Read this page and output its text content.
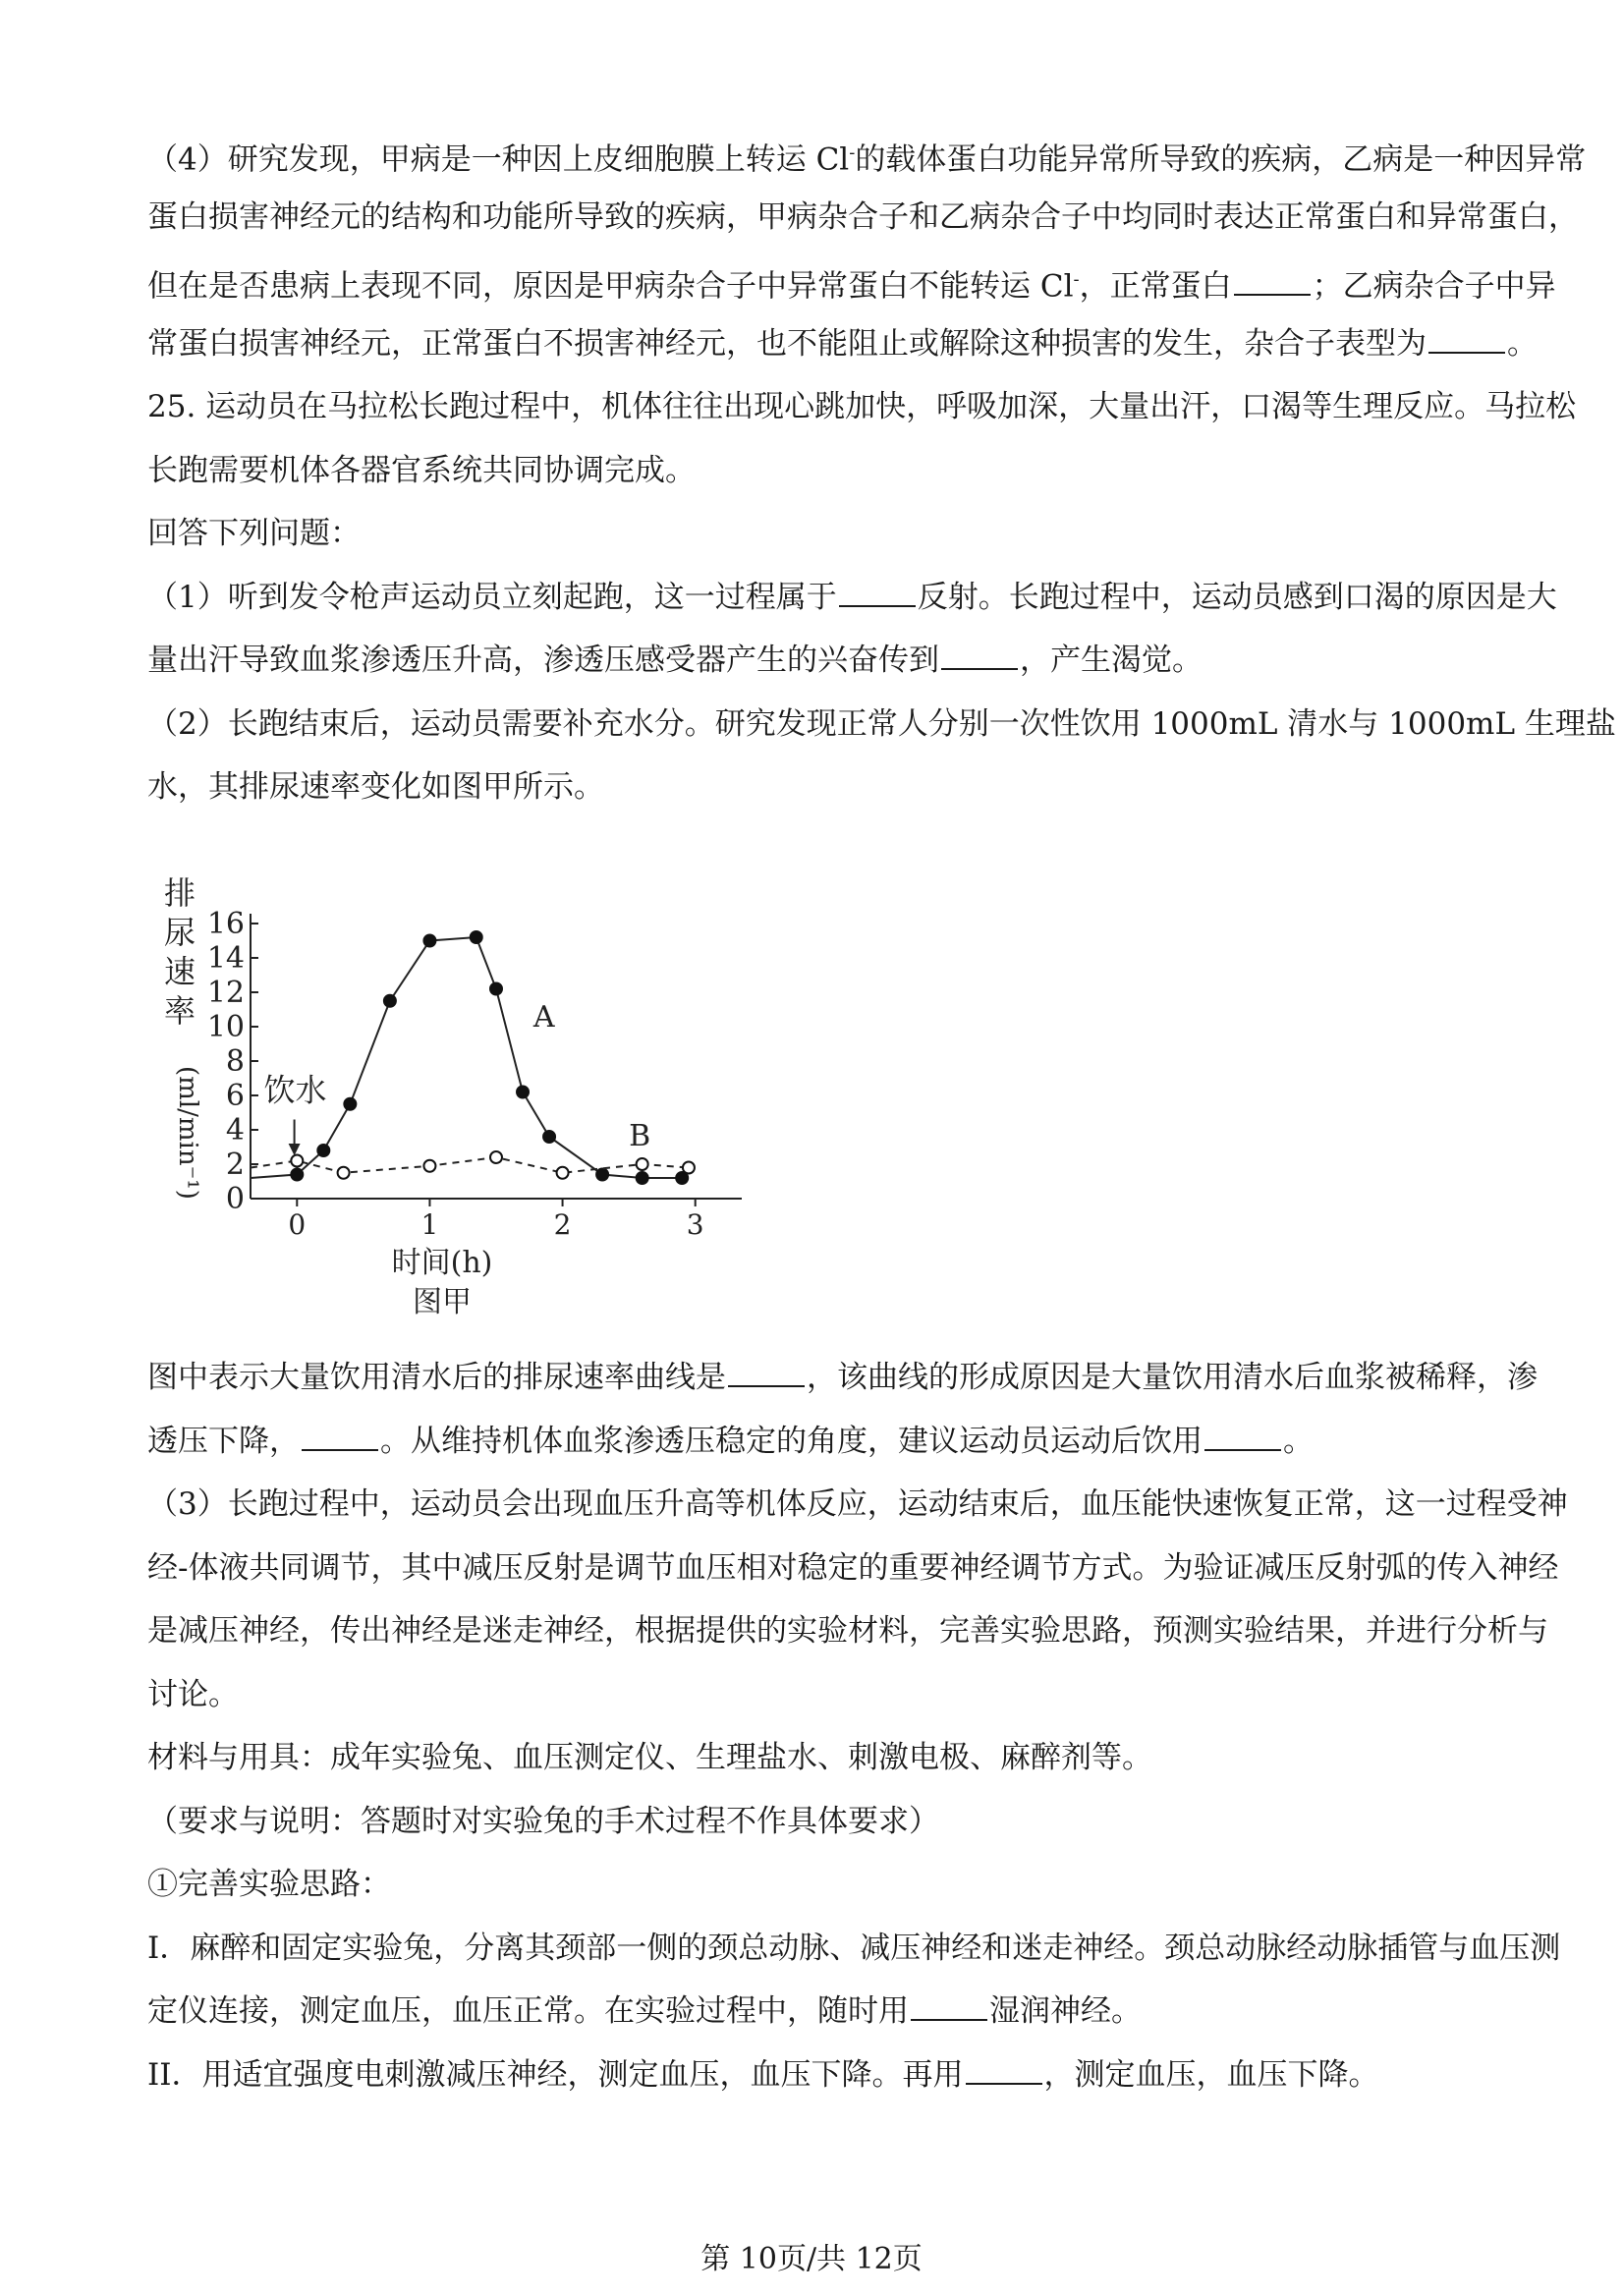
（4）研究发现，甲病是一种因上皮细胞膜上转运 Cl-的载体蛋白功能异常所导致的疾病，乙病是一种因异常
蛋白损害神经元的结构和功能所导致的疾病，甲病杂合子和乙病杂合子中均同时表达正常蛋白和异常蛋白，
但在是否患病上表现不同，原因是甲病杂合子中异常蛋白不能转运 Cl-，正常蛋白	；乙病杂合子中异
常蛋白损害神经元，正常蛋白不损害神经元，也不能阻止或解除这种损害的发生，杂合子表型为	。
25. 运动员在马拉松长跑过程中，机体往往出现心跳加快，呼吸加深，大量出汗，口渴等生理反应。马拉松
长跑需要机体各器官系统共同协调完成。
回答下列问题：
（1）听到发令枪声运动员立刻起跑，这一过程属于	反射。长跑过程中，运动员感到口渴的原因是大
量出汗导致血浆渗透压升高，渗透压感受器产生的兴奋传到	，产生渴觉。
（2）长跑结束后，运动员需要补充水分。研究发现正常人分别一次性饮用 1000mL 清水与 1000mL 生理盐
水，其排尿速率变化如图甲所示。
0
2
4
6
8
10
12
14
16
0	1	2	3
排
尿
速
率
(ml/min⁻¹)
时间(h)
图甲
A
B
饮水
图中表示大量饮用清水后的排尿速率曲线是	，该曲线的形成原因是大量饮用清水后血浆被稀释，渗
透压下降，	。从维持机体血浆渗透压稳定的角度，建议运动员运动后饮用	。
（3）长跑过程中，运动员会出现血压升高等机体反应，运动结束后，血压能快速恢复正常，这一过程受神
经-体液共同调节，其中减压反射是调节血压相对稳定的重要神经调节方式。为验证减压反射弧的传入神经
是减压神经，传出神经是迷走神经，根据提供的实验材料，完善实验思路，预测实验结果，并进行分析与
讨论。
材料与用具：成年实验兔、血压测定仪、生理盐水、刺激电极、麻醉剂等。
（要求与说明：答题时对实验兔的手术过程不作具体要求）
①完善实验思路：
I．麻醉和固定实验兔，分离其颈部一侧的颈总动脉、减压神经和迷走神经。颈总动脉经动脉插管与血压测
定仪连接，测定血压，血压正常。在实验过程中，随时用	湿润神经。
II．用适宜强度电刺激减压神经，测定血压，血压下降。再用	，测定血压，血压下降。
第 10页/共 12页
